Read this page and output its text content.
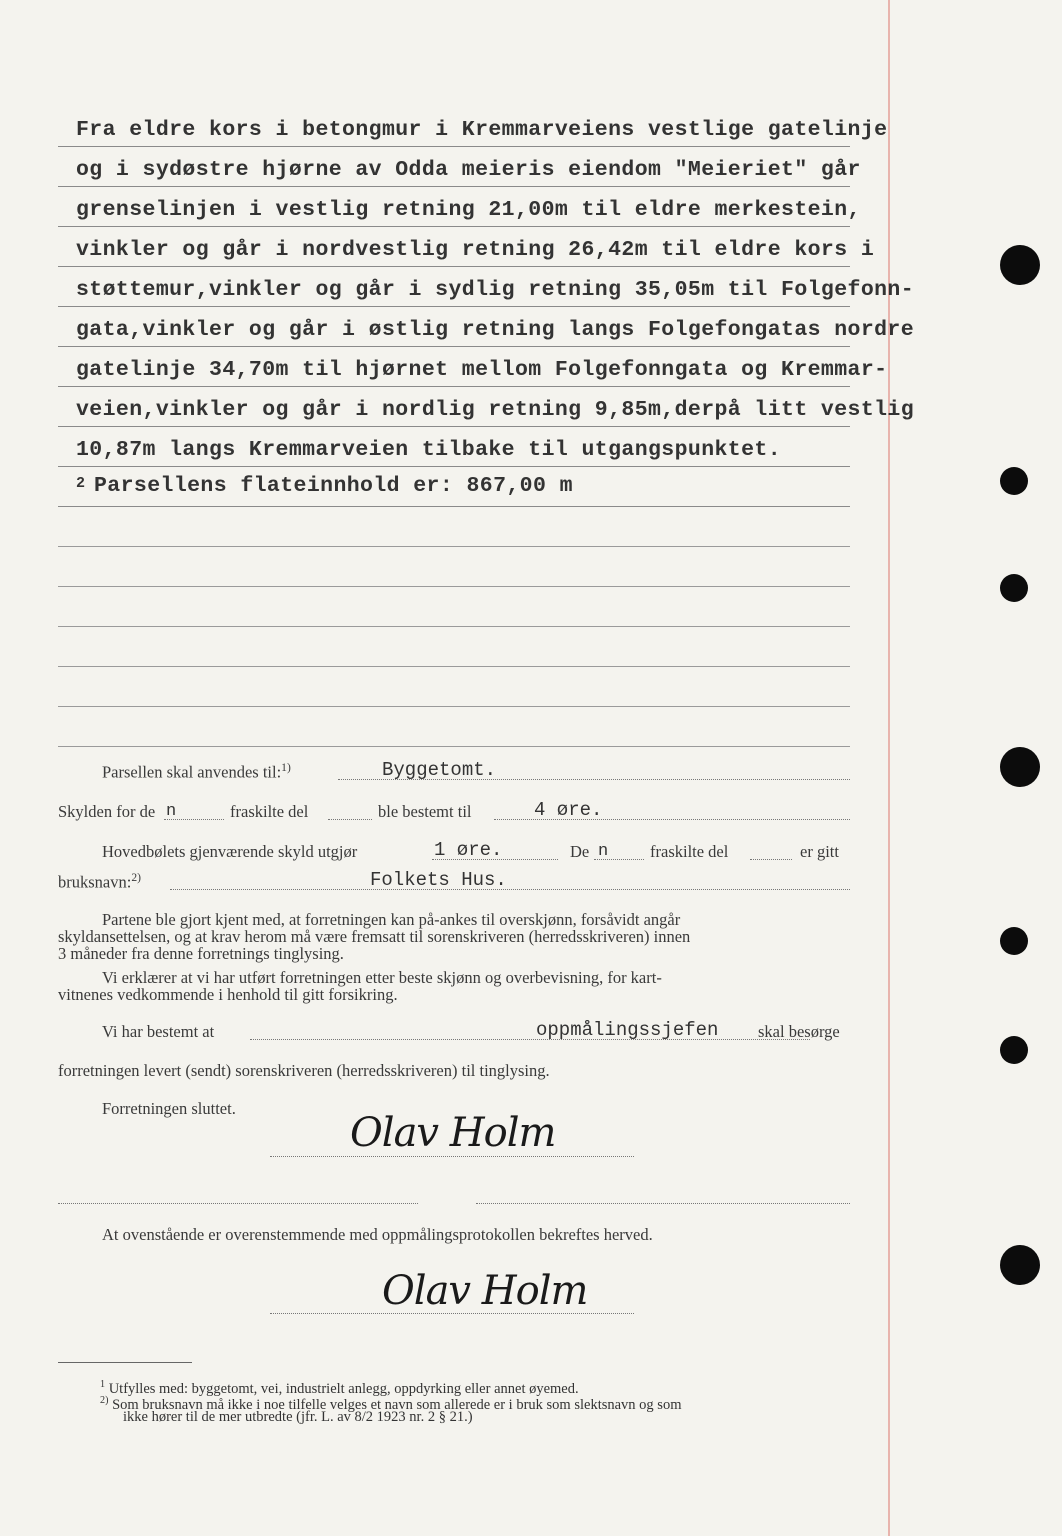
Fra eldre kors i betongmur i Kremmarveiens vestlige gatelinje
og i sydøstre hjørne av Odda meieris eiendom "Meieriet" går
grenselinjen i vestlig retning 21,00m til eldre merkestein,
vinkler og går i nordvestlig retning 26,42m til eldre kors i
støttemur,vinkler og går i sydlig retning 35,05m til Folgefonn-
gata,vinkler og går i østlig retning langs Folgefongatas nordre
gatelinje 34,70m til hjørnet mellom Folgefonngata og Kremmar-
veien,vinkler og går i nordlig retning 9,85m,derpå litt vestlig
10,87m langs Kremmarveien tilbake til utgangspunktet.
Parsellens flateinnhold er: 867,00 m
$^2$
Parsellen skal anvendes til:$^{1)}$	Byggetomt.
Skylden for de n	fraskilte del	ble bestemt til	4 øre.
Hovedbølets gjenværende skyld utgjør	1 øre.	De n	fraskilte del	er gitt
bruksnavn:$^{2)}$	Folkets Hus.
Partene ble gjort kjent med, at forretningen kan på-ankes til overskjønn, forsåvidt angår
skyldansettelsen, og at krav herom må være fremsatt til sorenskriveren (herredsskriveren) innen
3 måneder fra denne forretnings tinglysing.
Vi erklærer at vi har utført forretningen etter beste skjønn og overbevisning, for kart-
vitnenes vedkommende i henhold til gitt forsikring.
Vi har bestemt at	oppmålingssjefen skal besørge
forretningen levert (sendt) sorenskriveren (herredsskriveren) til tinglysing.
Forretningen sluttet.
Olav Holm
At ovenstående er overenstemmende med oppmålingsprotokollen bekreftes herved.
Olav Holm
$^1$ Utfylles med: byggetomt, vei, industrielt anlegg, oppdyrking eller annet øyemed.
$^{2)}$ Som bruksnavn må ikke i noe tilfelle velges et navn som allerede er i bruk som slektsnavn og som
ikke hører til de mer utbredte (jfr. L. av 8/2 1923 nr. 2 § 21.)
